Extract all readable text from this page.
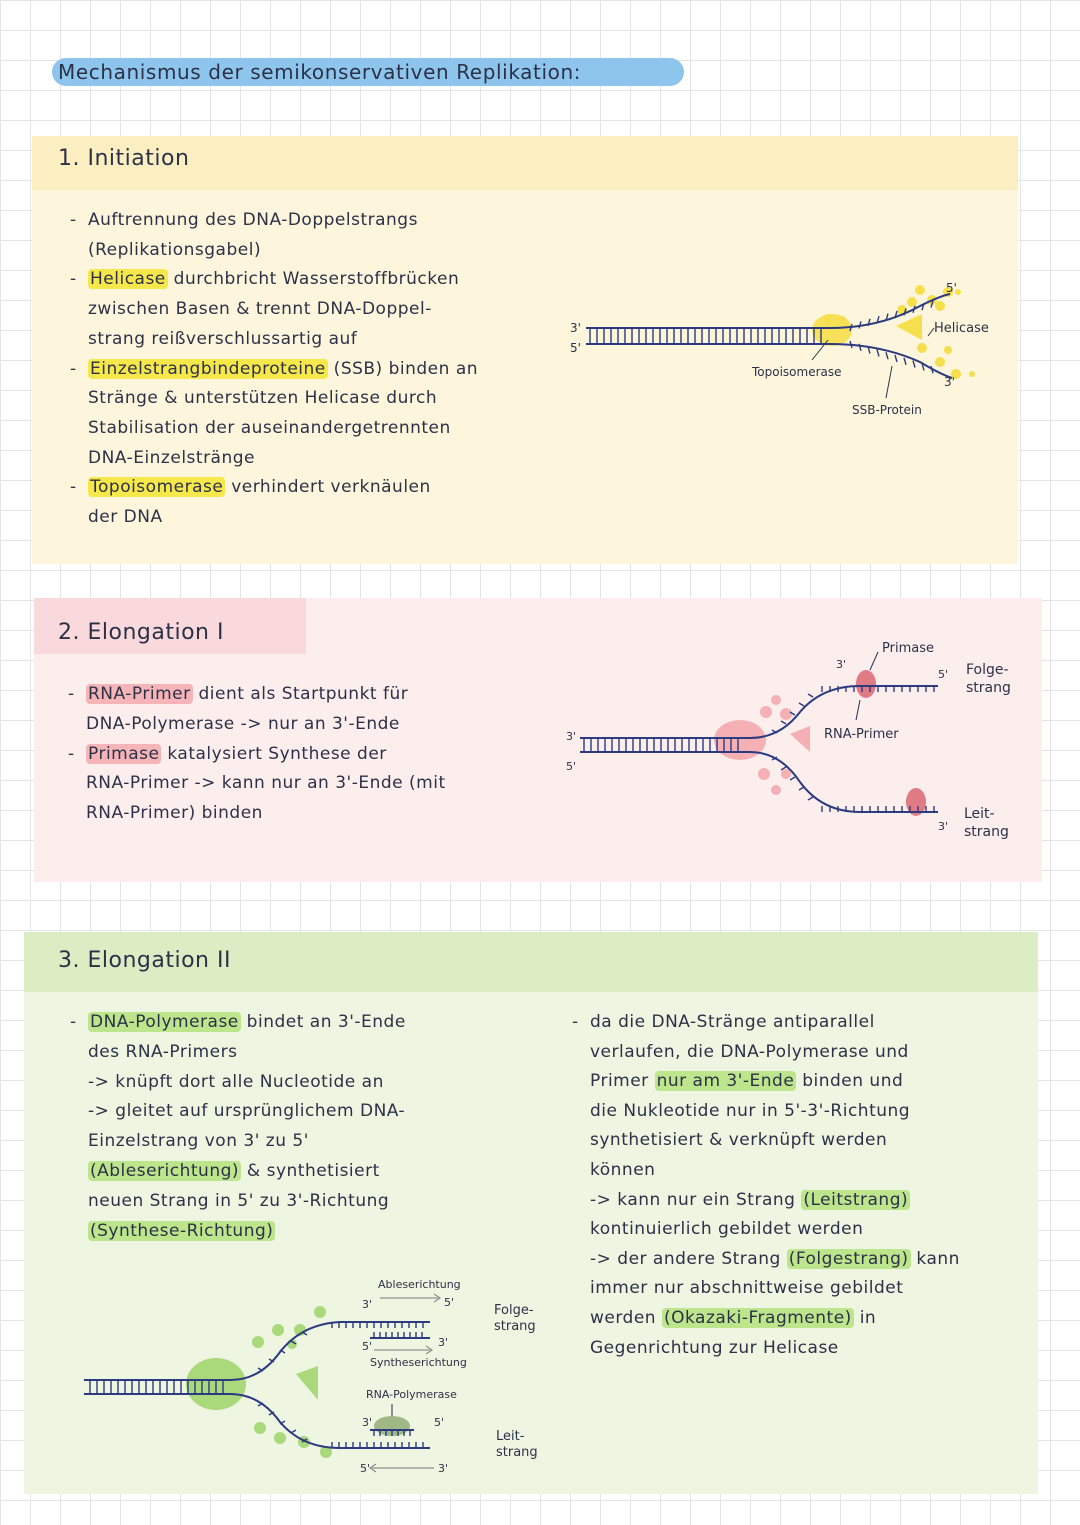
Mechanismus der semikonservativen Replikation:
1. Initiation
2. Elongation I
3. Elongation II
- Auftrennung des DNA-Doppelstrangs
(Replikationsgabel)
- Helicase durchbricht Wasserstoffbrücken
zwischen Basen & trennt DNA-Doppel-
strang reißverschlussartig auf
- Einzelstrangbindeproteine (SSB) binden an
Stränge & unterstützen Helicase durch
Stabilisation der auseinandergetrennten
DNA-Einzelstränge
- Topoisomerase verhindert verknäulen
der DNA
- RNA-Primer dient als Startpunkt für
DNA-Polymerase -> nur an 3'-Ende
- Primase katalysiert Synthese der
RNA-Primer -> kann nur an 3'-Ende (mit
RNA-Primer) binden
- DNA-Polymerase bindet an 3'-Ende
des RNA-Primers
-> knüpft dort alle Nucleotide an
-> gleitet auf ursprünglichem DNA-
Einzelstrang von 3' zu 5'
(Ableserichtung) & synthetisiert
neuen Strang in 5' zu 3'-Richtung
(Synthese-Richtung)
- da die DNA-Stränge antiparallel
verlaufen, die DNA-Polymerase und
Primer nur am 3'-Ende binden und
die Nukleotide nur in 5'-3'-Richtung
synthetisiert & verknüpft werden
können
-> kann nur ein Strang (Leitstrang)
kontinuierlich gebildet werden
-> der andere Strang (Folgestrang) kann
immer nur abschnittweise gebildet
werden (Okazaki-Fragmente) in
Gegenrichtung zur Helicase
3'
5'
5'
3'
Helicase
Topoisomerase
SSB-Protein
3'
5'
3'
5'
3'
Primase
RNA-Primer
Folge-
strang
Leit-
strang
Ableserichtung
3'	5'
5'	3'
Syntheserichtung
RNA-Polymerase
3'	5'
5'	3'
Folge-
strang
Leit-
strang
